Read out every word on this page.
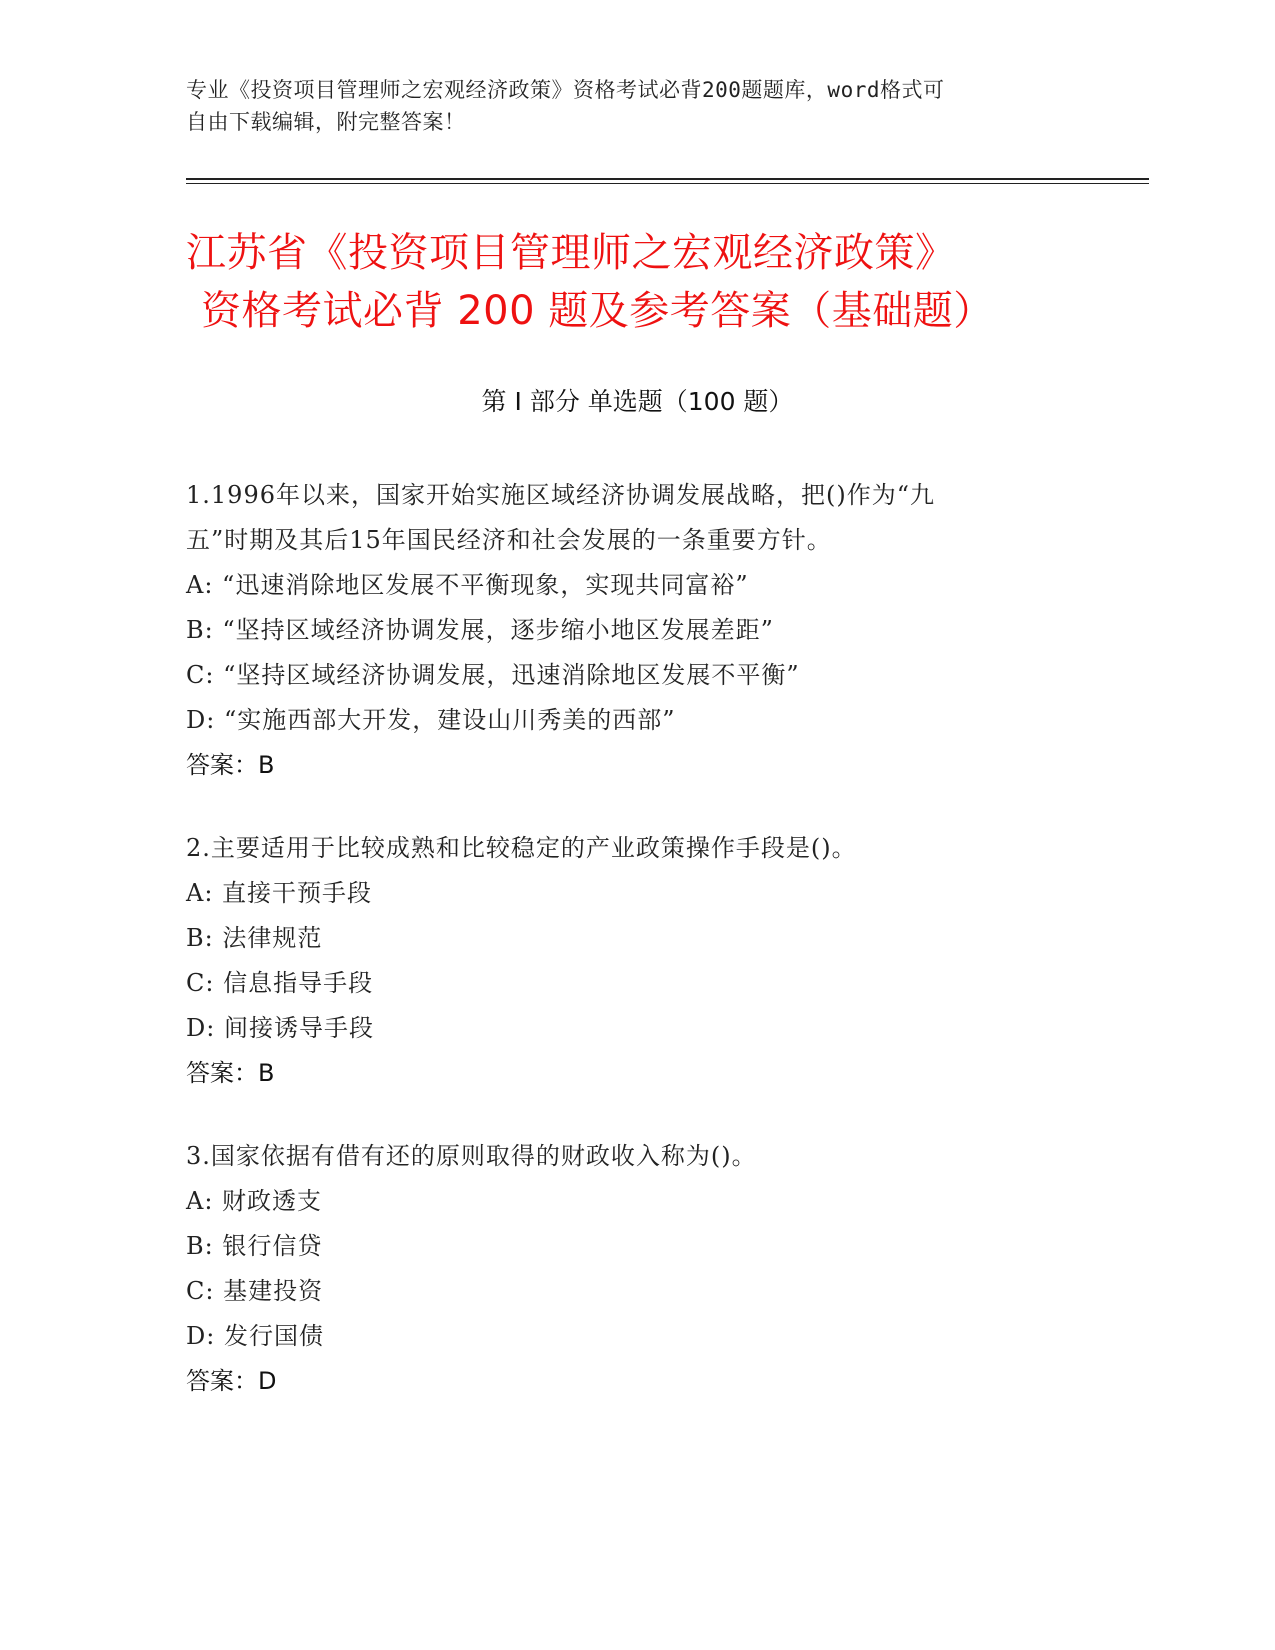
专业《投资项目管理师之宏观经济政策》资格考试必背200题题库，word格式可
自由下载编辑，附完整答案！
江苏省《投资项目管理师之宏观经济政策》
资格考试必背 200 题及参考答案（基础题）
第 I 部分 单选题（100 题）
1.1996年以来，国家开始实施区域经济协调发展战略，把()作为“九
五”时期及其后15年国民经济和社会发展的一条重要方针。
A: “迅速消除地区发展不平衡现象，实现共同富裕”
B: “坚持区域经济协调发展，逐步缩小地区发展差距”
C: “坚持区域经济协调发展，迅速消除地区发展不平衡”
D: “实施西部大开发，建设山川秀美的西部”
答案：B
2.主要适用于比较成熟和比较稳定的产业政策操作手段是()。
A: 直接干预手段
B: 法律规范
C: 信息指导手段
D: 间接诱导手段
答案：B
3.国家依据有借有还的原则取得的财政收入称为()。
A: 财政透支
B: 银行信贷
C: 基建投资
D: 发行国债
答案：D
